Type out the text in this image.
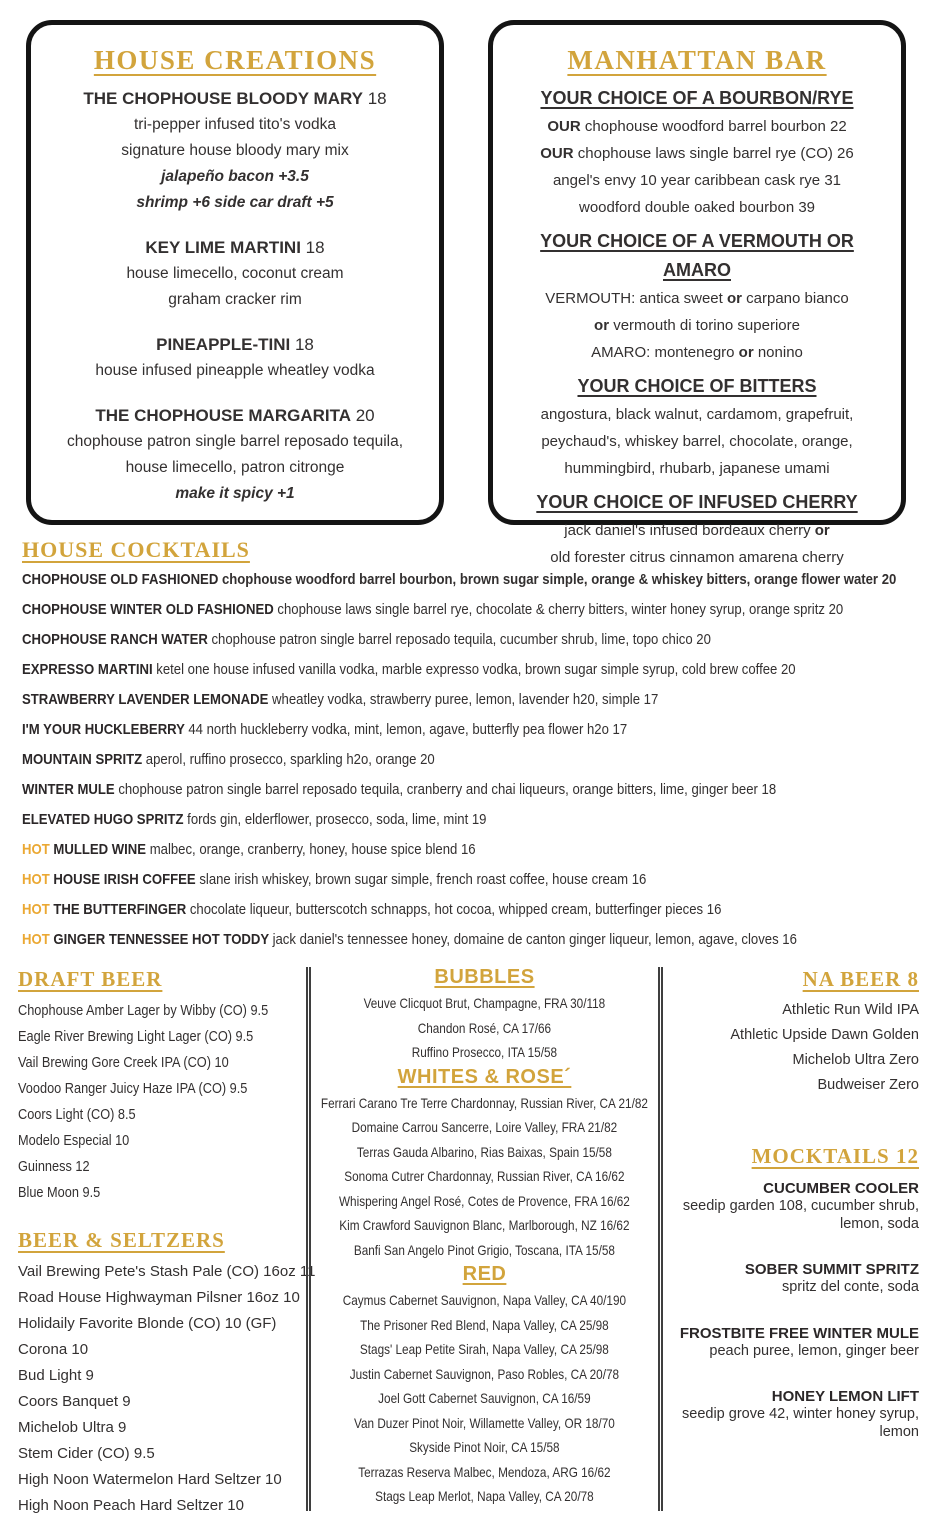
HOUSE CREATIONS
THE CHOPHOUSE BLOODY MARY 18
tri-pepper infused tito's vodka
signature house bloody mary mix
jalapeño bacon +3.5
shrimp +6 side car draft +5
KEY LIME MARTINI 18
house limecello, coconut cream
graham cracker rim
PINEAPPLE-TINI 18
house infused pineapple wheatley vodka
THE CHOPHOUSE MARGARITA 20
chophouse patron single barrel reposado tequila,
house limecello, patron citronge
make it spicy +1
MANHATTAN BAR
YOUR CHOICE OF A BOURBON/RYE
OUR chophouse woodford barrel bourbon 22
OUR chophouse laws single barrel rye (CO) 26
angel's envy 10 year caribbean cask rye 31
woodford double oaked bourbon 39
YOUR CHOICE OF A VERMOUTH OR AMARO
VERMOUTH: antica sweet or carpano bianco
or vermouth di torino superiore
AMARO: montenegro or nonino
YOUR CHOICE OF BITTERS
angostura, black walnut, cardamom, grapefruit,
peychaud's, whiskey barrel, chocolate, orange,
hummingbird, rhubarb, japanese umami
YOUR CHOICE OF INFUSED CHERRY
jack daniel's infused bordeaux cherry or
old forester citrus cinnamon amarena cherry
HOUSE COCKTAILS
CHOPHOUSE OLD FASHIONED chophouse woodford barrel bourbon, brown sugar simple, orange & whiskey bitters, orange flower water 20
CHOPHOUSE WINTER OLD FASHIONED chophouse laws single barrel rye, chocolate & cherry bitters, winter honey syrup, orange spritz 20
CHOPHOUSE RANCH WATER chophouse patron single barrel reposado tequila, cucumber shrub, lime, topo chico 20
EXPRESSO MARTINI ketel one house infused vanilla vodka, marble expresso vodka, brown sugar simple syrup, cold brew coffee 20
STRAWBERRY LAVENDER LEMONADE wheatley vodka, strawberry puree, lemon, lavender h20, simple 17
I'M YOUR HUCKLEBERRY 44 north huckleberry vodka, mint, lemon, agave, butterfly pea flower h2o 17
MOUNTAIN SPRITZ aperol, ruffino prosecco, sparkling h2o, orange 20
WINTER MULE chophouse patron single barrel reposado tequila, cranberry and chai liqueurs, orange bitters, lime, ginger beer 18
ELEVATED HUGO SPRITZ fords gin, elderflower, prosecco, soda, lime, mint 19
HOT MULLED WINE malbec, orange, cranberry, honey, house spice blend 16
HOT HOUSE IRISH COFFEE slane irish whiskey, brown sugar simple, french roast coffee, house cream 16
HOT THE BUTTERFINGER chocolate liqueur, butterscotch schnapps, hot cocoa, whipped cream, butterfinger pieces 16
HOT GINGER TENNESSEE HOT TODDY jack daniel's tennessee honey, domaine de canton ginger liqueur, lemon, agave, cloves 16
DRAFT BEER
Chophouse Amber Lager by Wibby (CO) 9.5
Eagle River Brewing Light Lager (CO) 9.5
Vail Brewing Gore Creek IPA (CO) 10
Voodoo Ranger Juicy Haze IPA (CO) 9.5
Coors Light (CO) 8.5
Modelo Especial 10
Guinness 12
Blue Moon 9.5
BEER & SELTZERS
Vail Brewing Pete's Stash Pale (CO) 16oz 11
Road House Highwayman Pilsner 16oz 10
Holidaily Favorite Blonde (CO) 10 (GF)
Corona 10
Bud Light 9
Coors Banquet 9
Michelob Ultra 9
Stem Cider (CO) 9.5
High Noon Watermelon Hard Seltzer 10
High Noon Peach Hard Seltzer 10
BUBBLES
Veuve Clicquot Brut, Champagne, FRA 30/118
Chandon Rosé, CA 17/66
Ruffino Prosecco, ITA 15/58
WHITES & ROSE´
Ferrari Carano Tre Terre Chardonnay, Russian River, CA 21/82
Domaine Carrou Sancerre, Loire Valley, FRA 21/82
Terras Gauda Albarino, Rias Baixas, Spain 15/58
Sonoma Cutrer Chardonnay, Russian River, CA 16/62
Whispering Angel Rosé, Cotes de Provence, FRA 16/62
Kim Crawford Sauvignon Blanc, Marlborough, NZ 16/62
Banfi San Angelo Pinot Grigio, Toscana, ITA 15/58
RED
Caymus Cabernet Sauvignon, Napa Valley, CA 40/190
The Prisoner Red Blend, Napa Valley, CA 25/98
Stags' Leap Petite Sirah, Napa Valley, CA 25/98
Justin Cabernet Sauvignon, Paso Robles, CA 20/78
Joel Gott Cabernet Sauvignon, CA 16/59
Van Duzer Pinot Noir, Willamette Valley, OR 18/70
Skyside Pinot Noir, CA 15/58
Terrazas Reserva Malbec, Mendoza, ARG 16/62
Stags Leap Merlot, Napa Valley, CA 20/78
NA BEER 8
Athletic Run Wild IPA
Athletic Upside Dawn Golden
Michelob Ultra Zero
Budweiser Zero
MOCKTAILS 12
CUCUMBER COOLER
seedip garden 108, cucumber shrub, lemon, soda
SOBER SUMMIT SPRITZ
spritz del conte, soda
FROSTBITE FREE WINTER MULE
peach puree, lemon, ginger beer
HONEY LEMON LIFT
seedip grove 42, winter honey syrup, lemon
